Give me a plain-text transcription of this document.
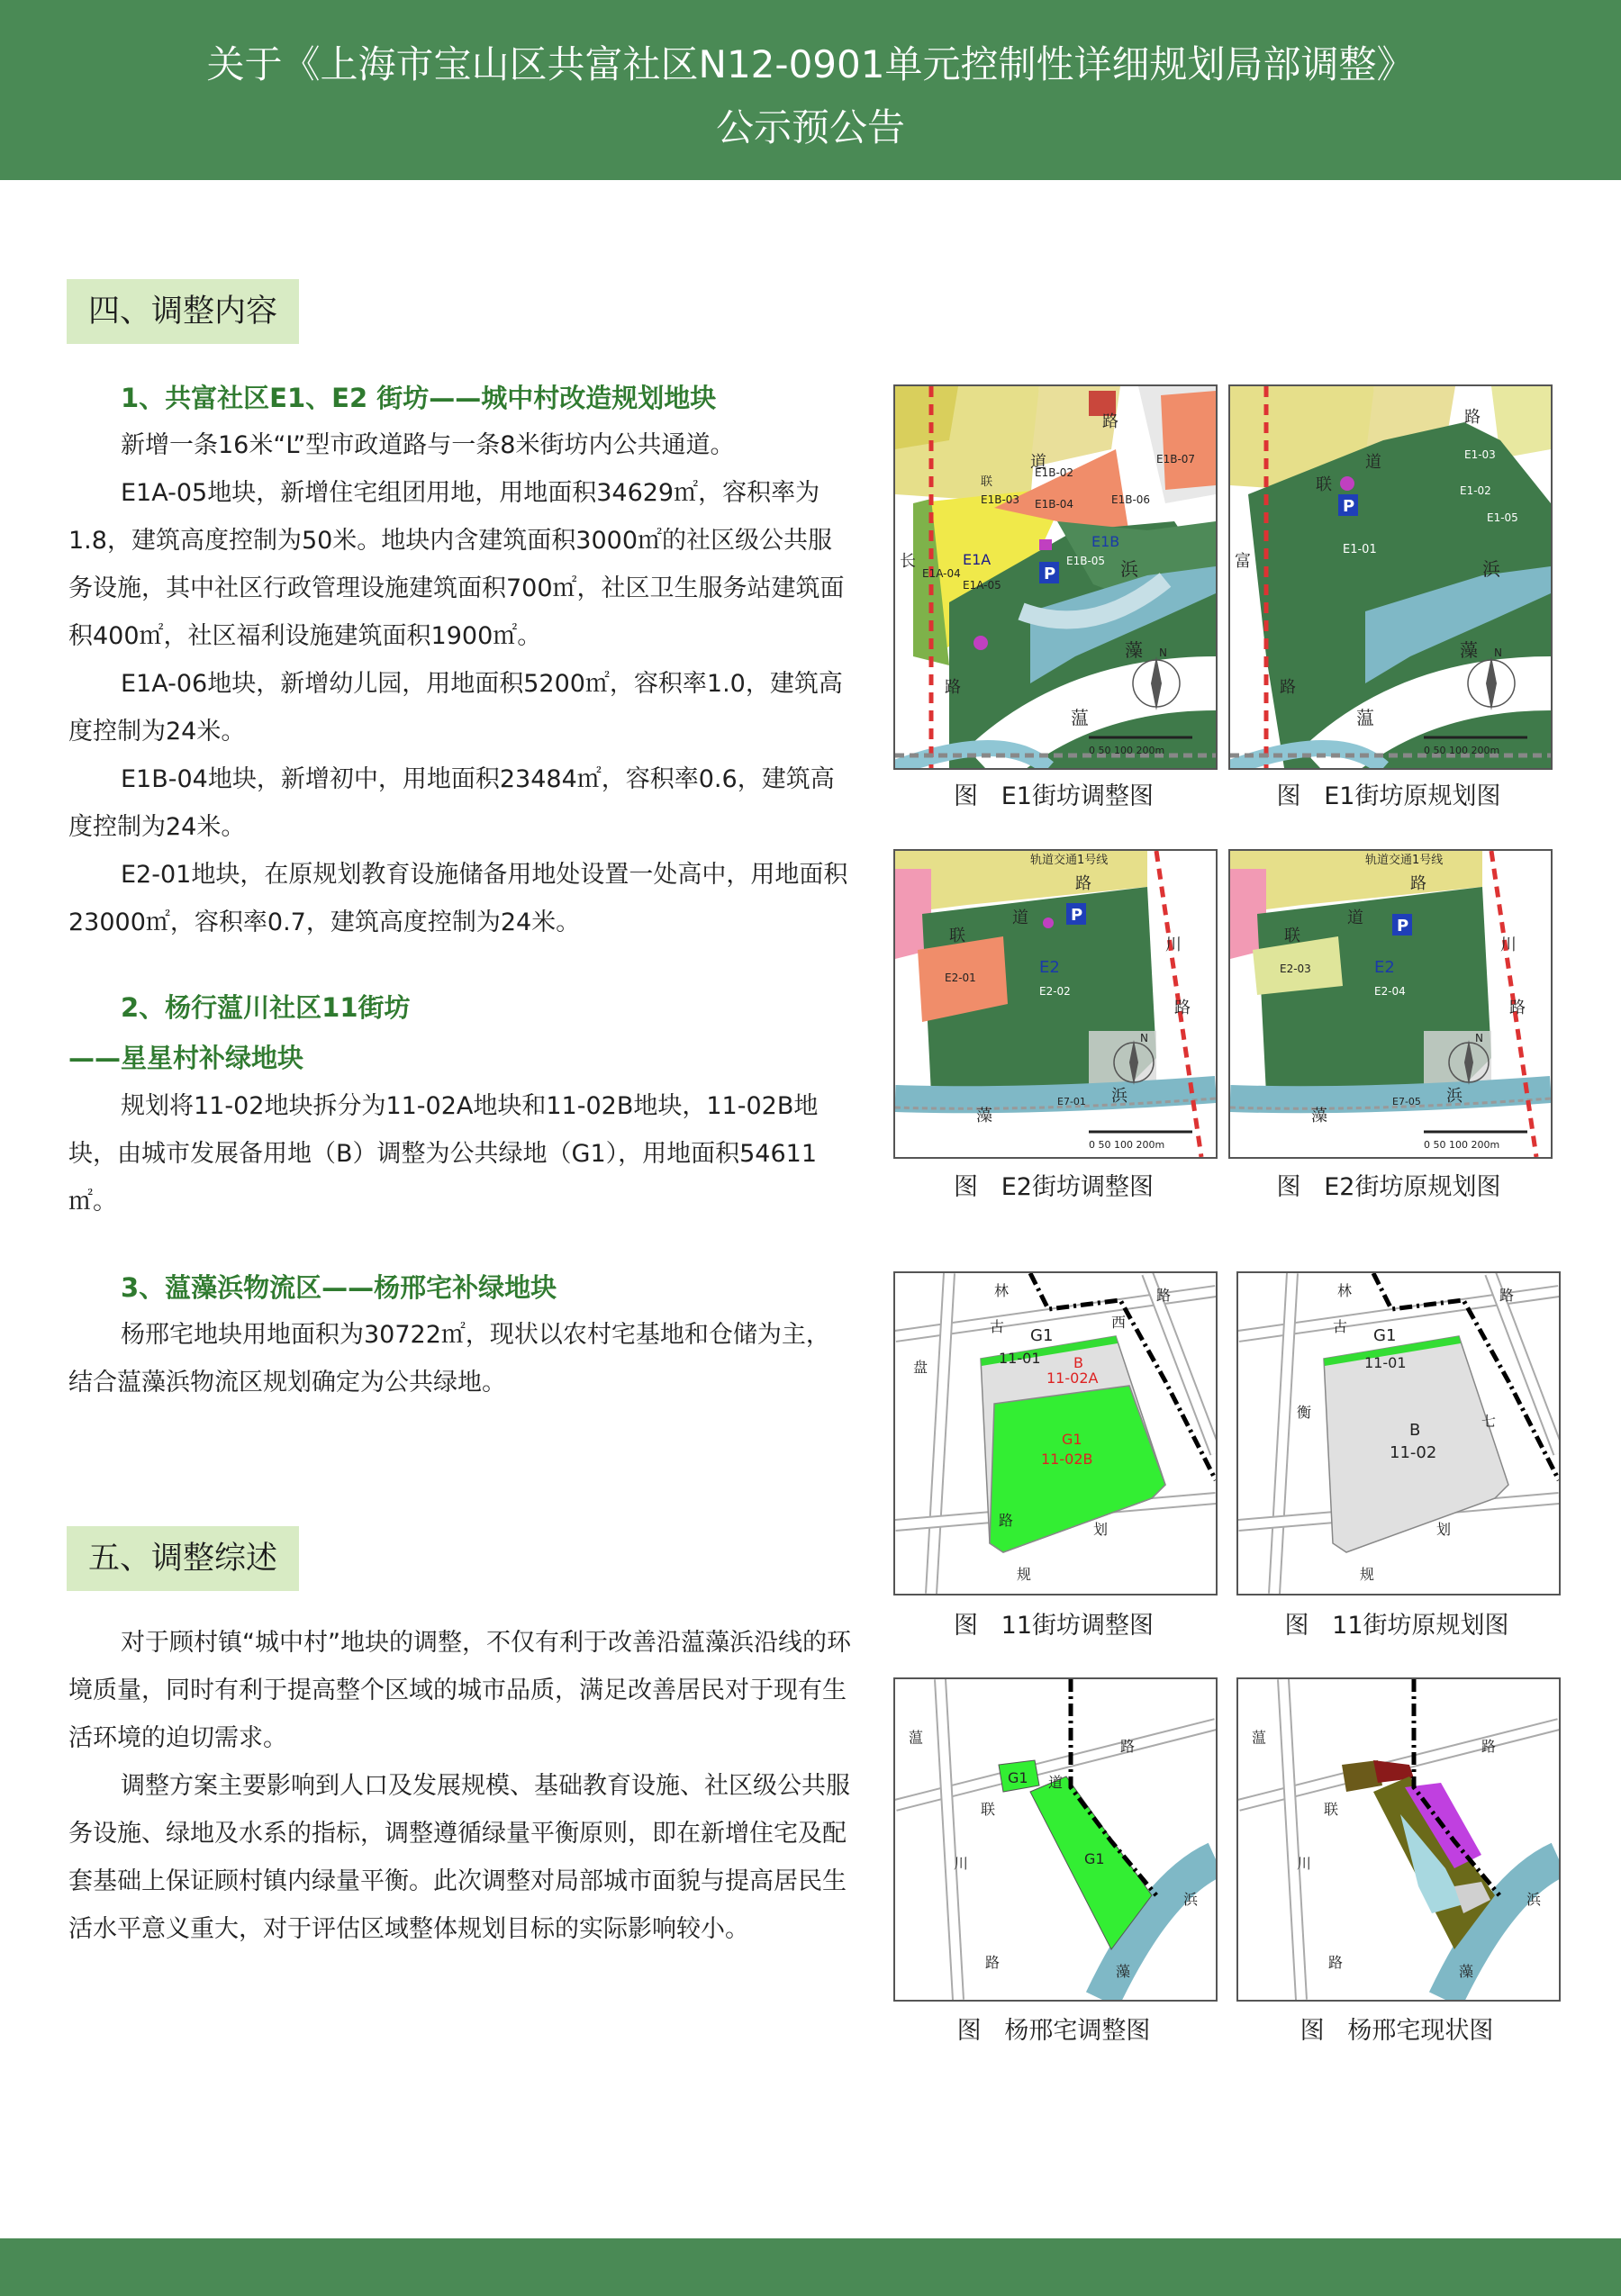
关于《上海市宝山区共富社区N12-0901单元控制性详细规划局部调整》
公示预公告
四、调整内容
1、共富社区E1、E2 街坊——城中村改造规划地块

新增一条16米“L”型市政道路与一条8米街坊内公共通道。

E1A-05地块，新增住宅组团用地，用地面积34629㎡，容积率为1.8，建筑高度控制为50米。地块内含建筑面积3000㎡的社区级公共服务设施，其中社区行政管理设施建筑面积700㎡，社区卫生服务站建筑面积400㎡，社区福利设施建筑面积1900㎡。

E1A-06地块，新增幼儿园，用地面积5200㎡，容积率1.0，建筑高度控制为24米。

E1B-04地块，新增初中，用地面积23484㎡，容积率0.6，建筑高度控制为24米。

E2-01地块，在原规划教育设施储备用地处设置一处高中，用地面积23000㎡，容积率0.7，建筑高度控制为24米。

2、杨行蕰川社区11街坊
——星星村补绿地块

规划将11-02地块拆分为11-02A地块和11-02B地块，11-02B地块，由城市发展备用地（B）调整为公共绿地（G1），用地面积54611㎡。

3、蕰藻浜物流区——杨邢宅补绿地块

杨邢宅地块用地面积为30722㎡，现状以农村宅基地和仓储为主，结合蕰藻浜物流区规划确定为公共绿地。

五、调整综述

对于顾村镇“城中村”地块的调整，不仅有利于改善沿蕰藻浜沿线的环境质量，同时有利于提高整个区域的城市品质，满足改善居民对于现有生活环境的迫切需求。

调整方案主要影响到人口及发展规模、基础教育设施、社区级公共服务设施、绿地及水系的指标，调整遵循绿量平衡原则，即在新增住宅及配套基础上保证顾村镇内绿量平衡。此次调整对局部城市面貌与提高居民生活水平意义重大，对于评估区域整体规划目标的实际影响较小。

联
道
路
E1B-03
E1B-02
E1B-04	E1B-06
E1B-07
E1A
E1A-04
E1A-05
E1B
E1B-05
P	浜
藻
蕰
长
路
N
0 50 100 200m
图   E1街坊调整图
联
道
路
E1-03
E1-02
E1-05
E1-01
P
浜
藻
蕰
富
路
N
0 50 100 200m
图   E1街坊原规划图
轨道交通1号线
路
道
联
P
E2-01
E2
E2-02
川
路
浜
藻
E7-01
N
0 50 100 200m
图   E2街坊调整图
轨道交通1号线
路
道
联
P
E2-03	E2
E2-04
川
路
浜
藻
E7-05
N
0 50 100 200m
图   E2街坊原规划图
G1
11-01 B
11-02A
G1
11-02B
古	西
林	路
盘
划
规
路
图   11街坊调整图
G1
11-01
B
11-02
古
林	路
衡
七
划
规
图   11街坊原规划图
G1
G1
蕰
川
路
联
道
路
浜
藻
图   杨邢宅调整图
蕰
川
路
联
路
浜
藻
图   杨邢宅现状图
